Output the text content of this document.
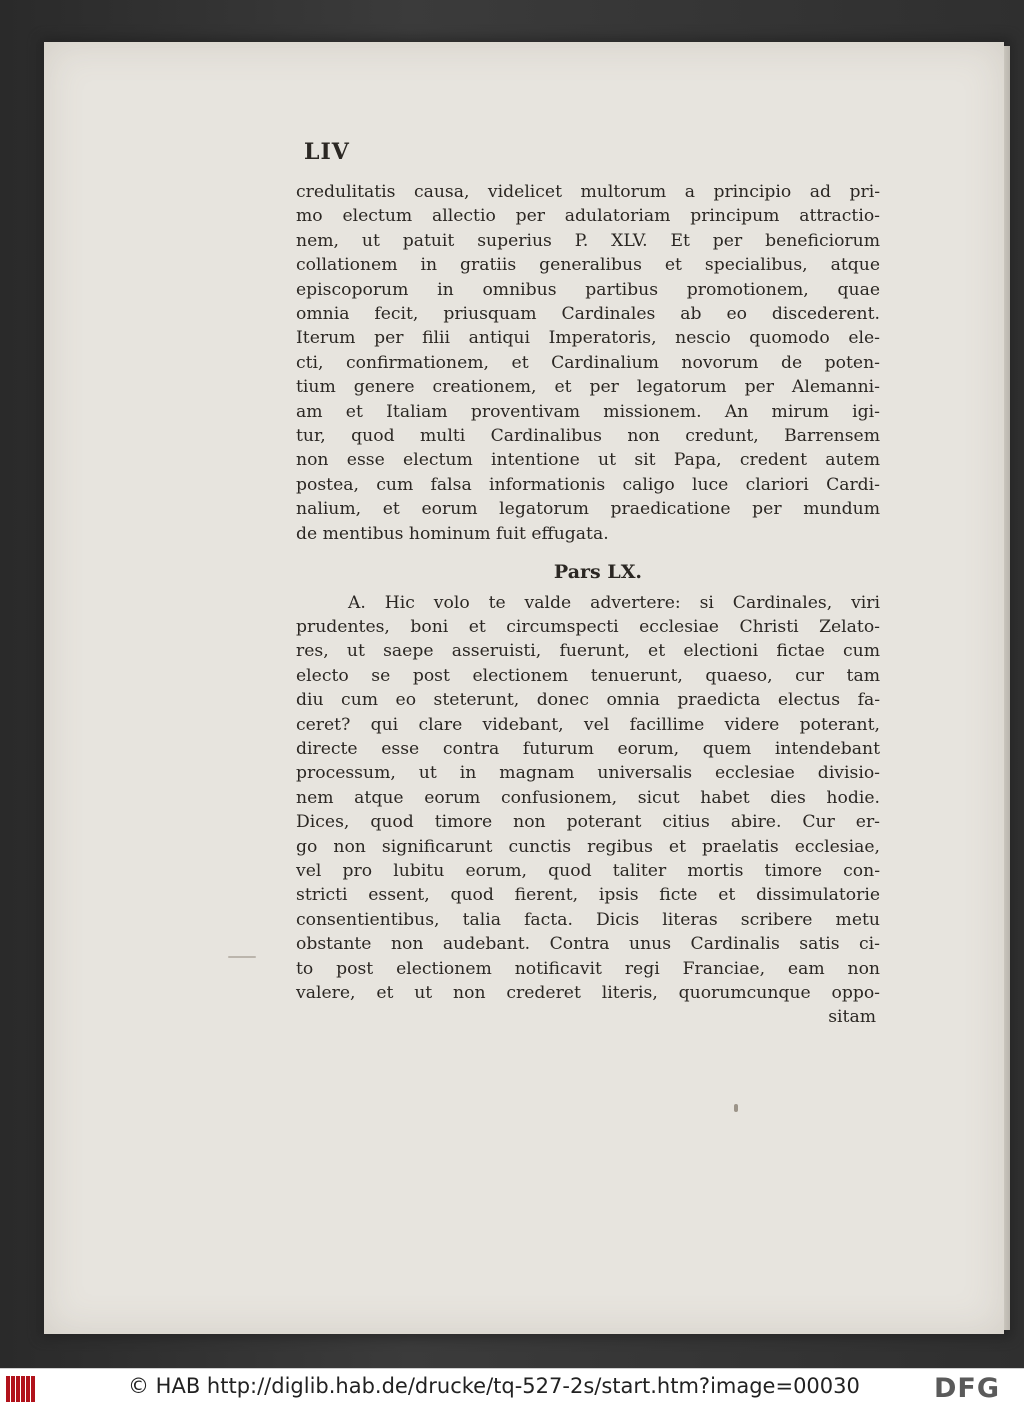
LIV
credulitatis causa, videlicet multorum a principio ad pri-
mo electum allectio per adulatoriam principum attractio-
nem, ut patuit superius P. XLV. Et per beneficiorum
collationem in gratiis generalibus et specialibus, atque
episcoporum in omnibus partibus promotionem, quae
omnia fecit, priusquam Cardinales ab eo discederent.
Iterum per filii antiqui Imperatoris, nescio quomodo ele-
cti, confirmationem, et Cardinalium novorum de poten-
tium genere creationem, et per legatorum per Alemanni-
am et Italiam proventivam missionem. An mirum igi-
tur, quod multi Cardinalibus non credunt, Barrensem
non esse electum intentione ut sit Papa, credent autem
postea, cum falsa informationis caligo luce clariori Cardi-
nalium, et eorum legatorum praedicatione per mundum
de mentibus hominum fuit effugata.
Pars LX.
A. Hic volo te valde advertere: si Cardinales, viri
prudentes, boni et circumspecti ecclesiae Christi Zelato-
res, ut saepe asseruisti, fuerunt, et electioni fictae cum
electo se post electionem tenuerunt, quaeso, cur tam
diu cum eo steterunt, donec omnia praedicta electus fa-
ceret? qui clare videbant, vel facillime videre poterant,
directe esse contra futurum eorum, quem intendebant
processum, ut in magnam universalis ecclesiae divisio-
nem atque eorum confusionem, sicut habet dies hodie.
Dices, quod timore non poterant citius abire. Cur er-
go non significarunt cunctis regibus et praelatis ecclesiae,
vel pro lubitu eorum, quod taliter mortis timore con-
stricti essent, quod fierent, ipsis ficte et dissimulatorie
consentientibus, talia facta. Dicis literas scribere metu
obstante non audebant. Contra unus Cardinalis satis ci-
to post electionem notificavit regi Franciae, eam non
valere, et ut non crederet literis, quorumcunque oppo-
sitam
© HAB http://diglib.hab.de/drucke/tq-527-2s/start.htm?image=00030	DFG
